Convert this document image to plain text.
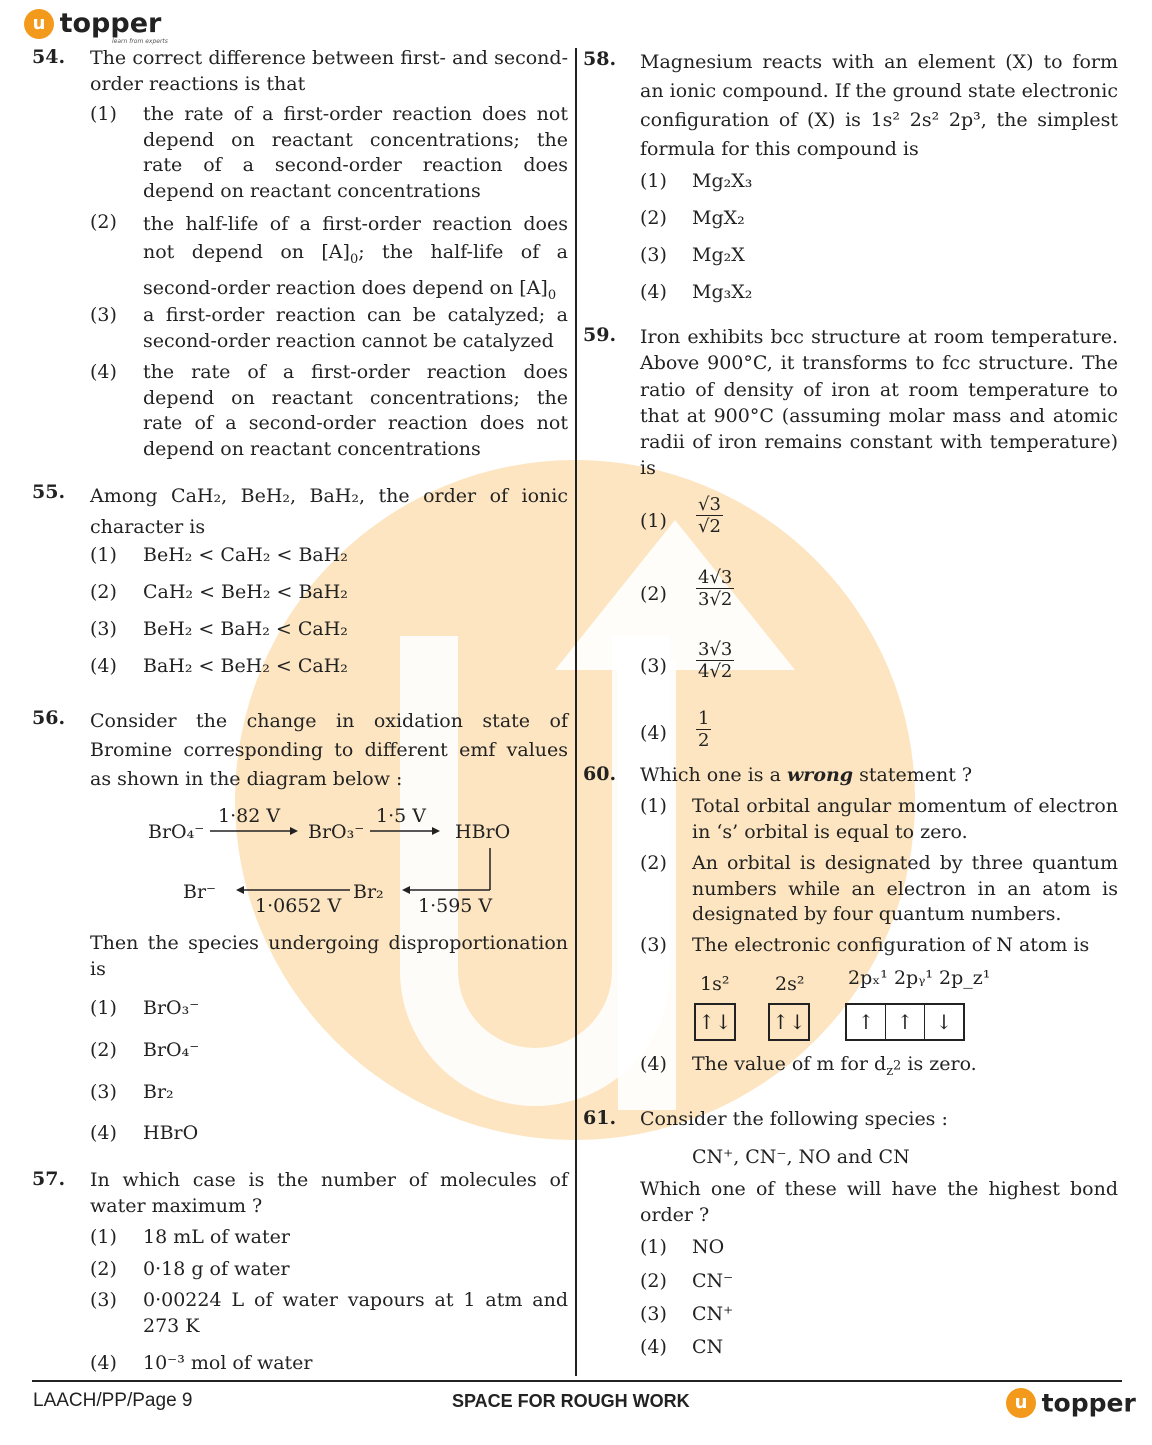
u topper
learn from experts
54. The correct difference between first- and second-order reactions is that
(1) the rate of a first-order reaction does not depend on reactant concentrations; the rate of a second-order reaction does depend on reactant concentrations
(2) the half-life of a first-order reaction does not depend on $[A]_0$; the half-life of a second-order reaction does depend on $[A]_0$
(3) a first-order reaction can be catalyzed; a second-order reaction cannot be catalyzed
(4) the rate of a first-order reaction does depend on reactant concentrations; the rate of a second-order reaction does not depend on reactant concentrations
55. Among CaH₂, BeH₂, BaH₂, the order of ionic character is
(1) BeH₂ < CaH₂ < BaH₂
(2) CaH₂ < BeH₂ < BaH₂
(3) BeH₂ < BaH₂ < CaH₂
(4) BaH₂ < BeH₂ < CaH₂
56. Consider the change in oxidation state of Bromine corresponding to different emf values as shown in the diagram below :
BrO₄⁻	BrO₃⁻	HBrO
Br₂
Br⁻
1·82 V	1·5 V
1·595 V
1·0652 V
Then the species undergoing disproportionation is
(1) BrO₃⁻
(2) BrO₄⁻
(3) Br₂
(4) HBrO
57. In which case is the number of molecules of water maximum ?
(1) 18 mL of water
(2) 0·18 g of water
(3) 0·00224 L of water vapours at 1 atm and 273 K
(4) 10⁻³ mol of water
58. Magnesium reacts with an element (X) to form an ionic compound. If the ground state electronic configuration of (X) is 1s² 2s² 2p³, the simplest formula for this compound is
(1) Mg₂X₃
(2) MgX₂
(3) Mg₂X
(4) Mg₃X₂
59. Iron exhibits bcc structure at room temperature. Above 900°C, it transforms to fcc structure. The ratio of density of iron at room temperature to that at 900°C (assuming molar mass and atomic radii of iron remains constant with temperature) is
$(1) \frac{√3}{√2}$
$(2) \frac{4√3}{3√2}$
$(3) \frac{3√3}{4√2}$
$(4) \frac{1}{2}$
60. Which one is a wrong statement ?
(1) Total orbital angular momentum of electron in ‘s’ orbital is equal to zero.
(2) An orbital is designated by three quantum numbers while an electron in an atom is designated by four quantum numbers.
(3) The electronic configuration of N atom is
1s² 2s² 2pₓ¹ 2pᵧ¹ 2p_z¹
↑↓ ↑↓	↑ ↑ ↓
(4) The value of m for $d_{z^2}$ is zero.
61. Consider the following species :
CN⁺, CN⁻, NO and CN
Which one of these will have the highest bond order ?
(1) NO
(2) CN⁻
(3) CN⁺
(4) CN
LAACH/PP/Page 9	SPACE FOR ROUGH WORK	u topper
